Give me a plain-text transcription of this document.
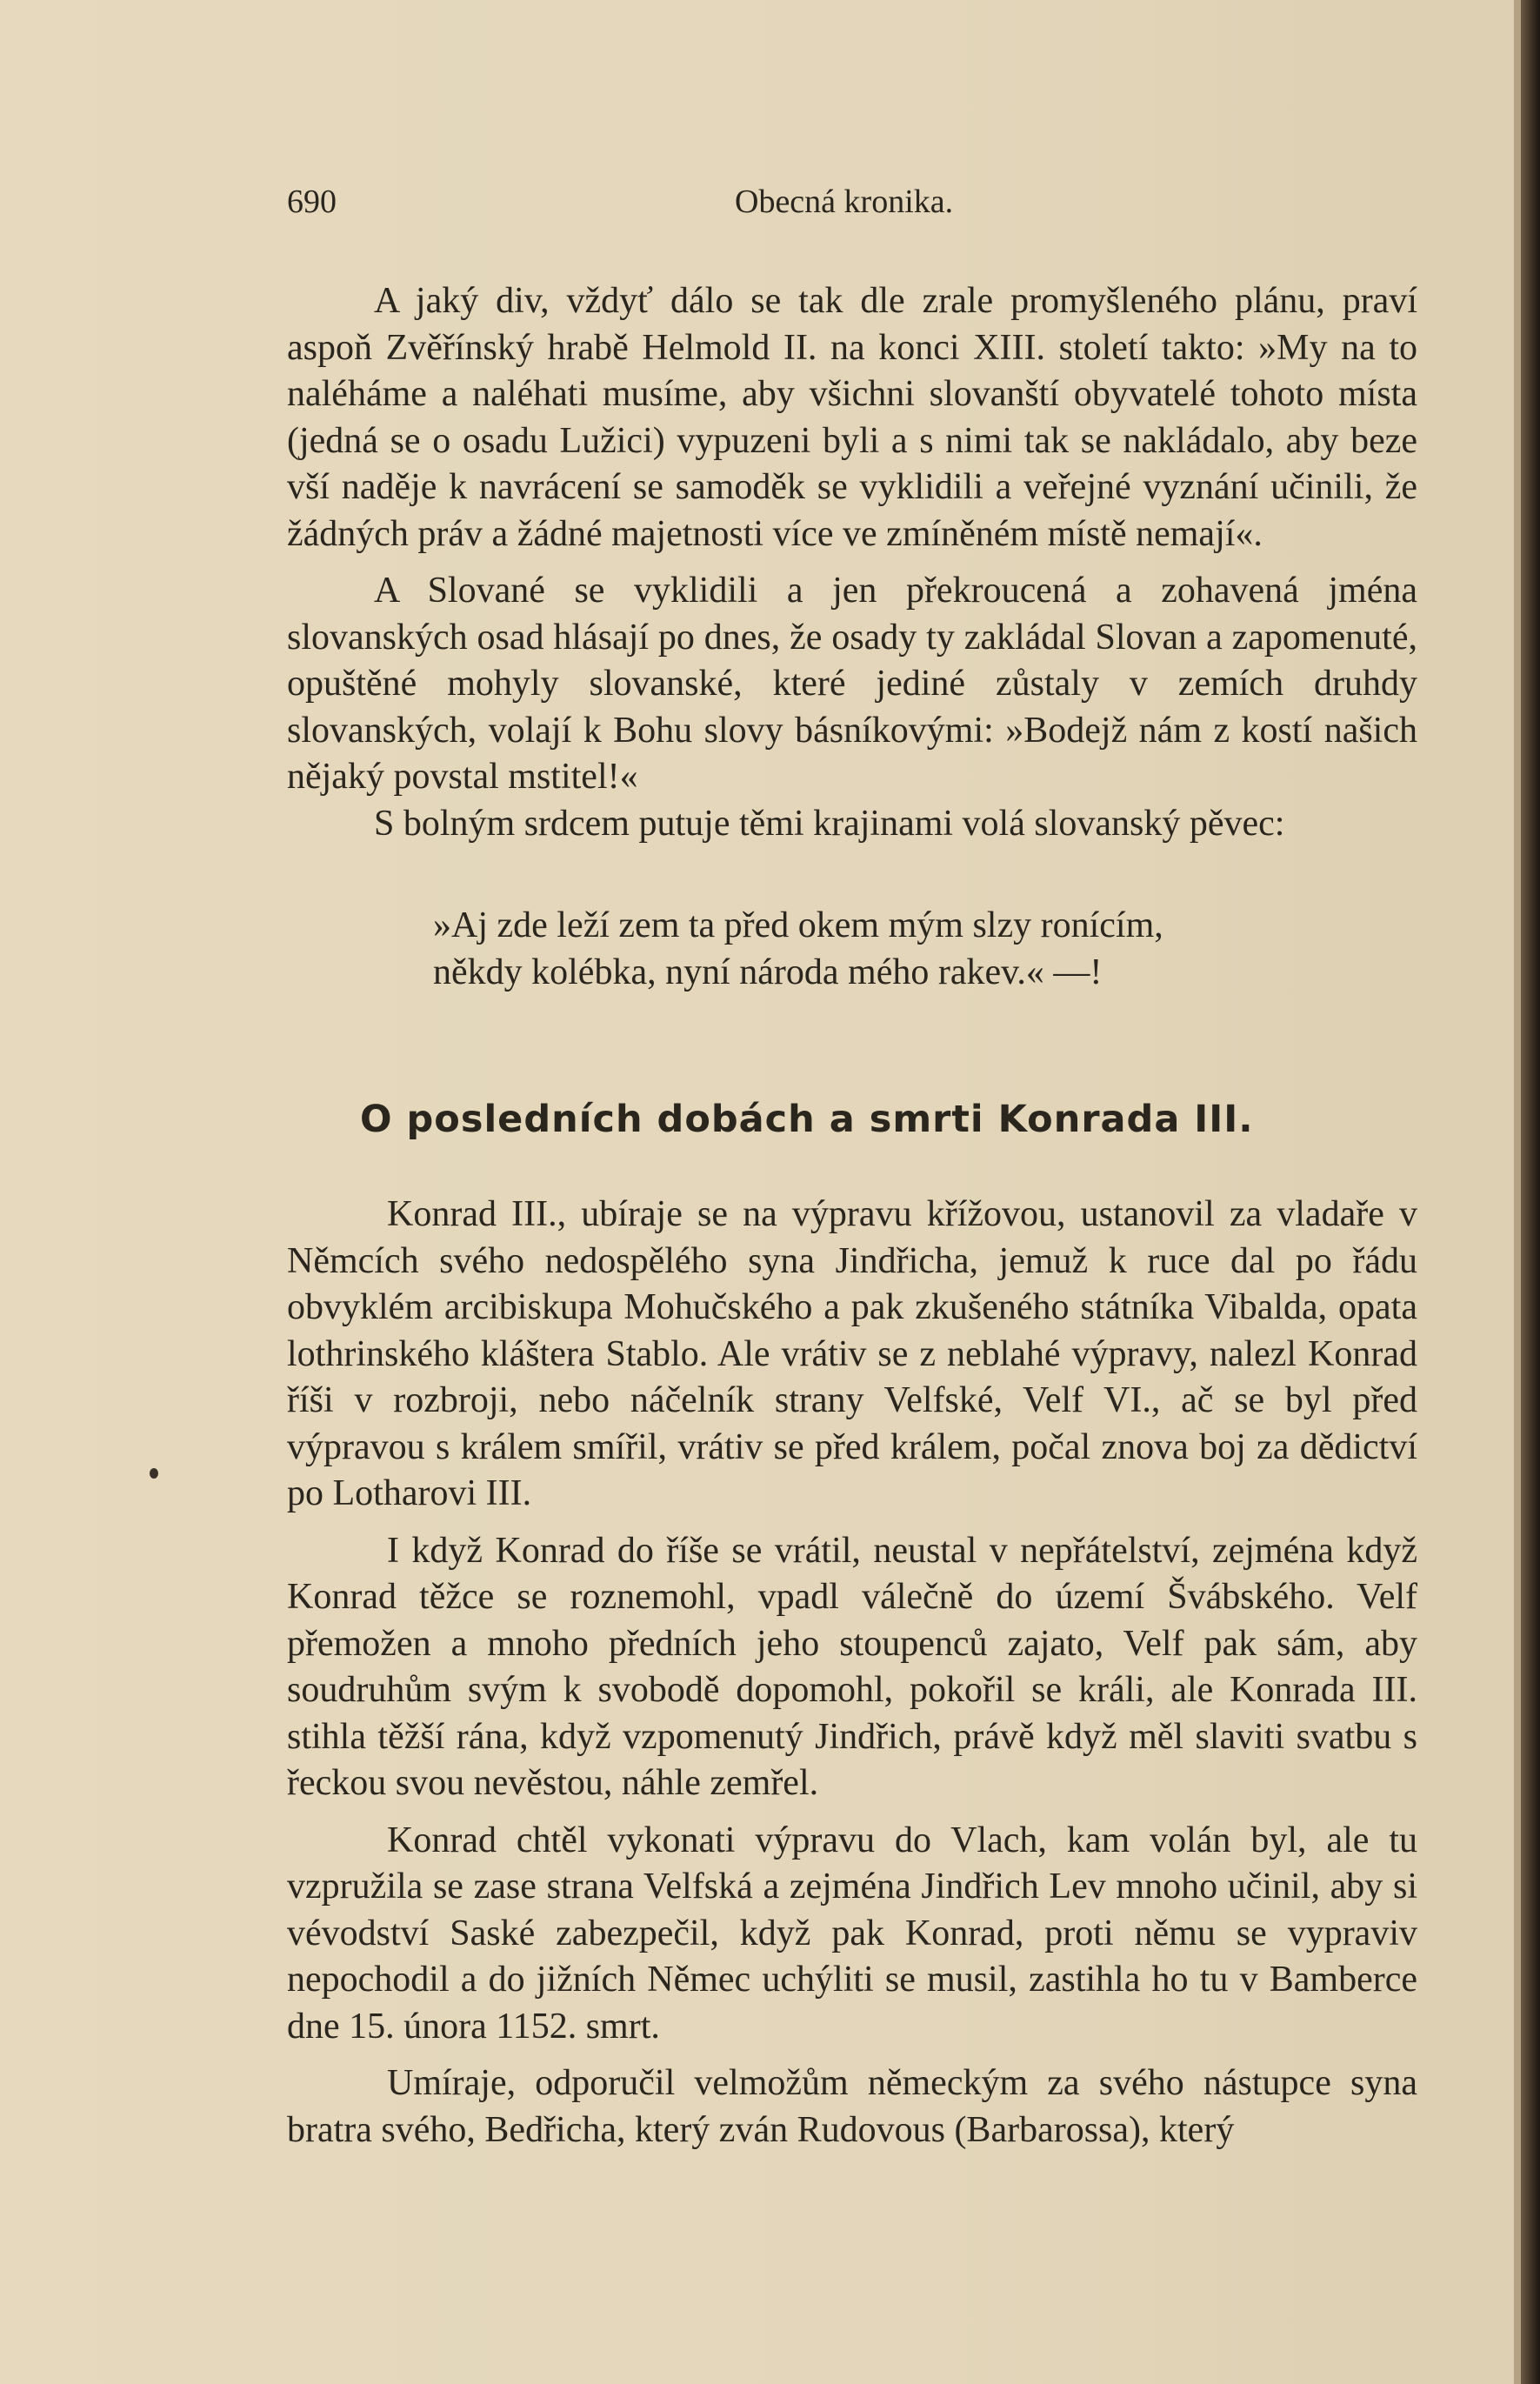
690	Obecná kronika.

A jaký div, vždyť dálo se tak dle zrale promyšleného plánu, praví aspoň Zvěřínský hrabě Helmold II. na konci XIII. století takto: »My na to naléháme a naléhati musíme, aby všichni slovanští obyvatelé tohoto místa (jedná se o osadu Lužici) vypuzeni byli a s nimi tak se nakládalo, aby beze vší naděje k navrácení se samoděk se vyklidili a veřejné vyznání učinili, že žádných práv a žádné majetnosti více ve zmíněném místě nemají«.

A Slované se vyklidili a jen překroucená a zohavená jména slovanských osad hlásají po dnes, že osady ty zakládal Slovan a zapomenuté, opuštěné mohyly slovanské, které jediné zůstaly v zemích druhdy slovanských, volají k Bohu slovy básníkovými: »Bodejž nám z kostí našich nějaký povstal mstitel!«

S bolným srdcem putuje těmi krajinami volá slovanský pěvec:

»Aj zde leží zem ta před okem mým slzy ronícím,
někdy kolébka, nyní národa mého rakev.« —!
O posledních dobách a smrti Konrada III.

Konrad III., ubíraje se na výpravu křížovou, ustanovil za vladaře v Němcích svého nedospělého syna Jindřicha, jemuž k ruce dal po řádu obvyklém arcibiskupa Mohučského a pak zkušeného státníka Vibalda, opata lothrinského kláštera Stablo. Ale vrátiv se z neblahé výpravy, nalezl Konrad říši v rozbroji, nebo náčelník strany Velfské, Velf VI., ač se byl před výpravou s králem smířil, vrátiv se před králem, počal znova boj za dědictví po Lotharovi III.

I když Konrad do říše se vrátil, neustal v nepřátelství, zejména když Konrad těžce se roznemohl, vpadl válečně do území Švábského. Velf přemožen a mnoho předních jeho stoupenců zajato, Velf pak sám, aby soudruhům svým k svobodě dopomohl, pokořil se králi, ale Konrada III. stihla těžší rána, když vzpomenutý Jindřich, právě když měl slaviti svatbu s řeckou svou nevěstou, náhle zemřel.

Konrad chtěl vykonati výpravu do Vlach, kam volán byl, ale tu vzpružila se zase strana Velfská a zejména Jindřich Lev mnoho učinil, aby si vévodství Saské zabezpečil, když pak Konrad, proti němu se vypraviv nepochodil a do jižních Němec uchýliti se musil, zastihla ho tu v Bamberce dne 15. února 1152. smrt.

Umíraje, odporučil velmožům německým za svého nástupce syna bratra svého, Bedřicha, který zván Rudovous (Barbarossa), který
